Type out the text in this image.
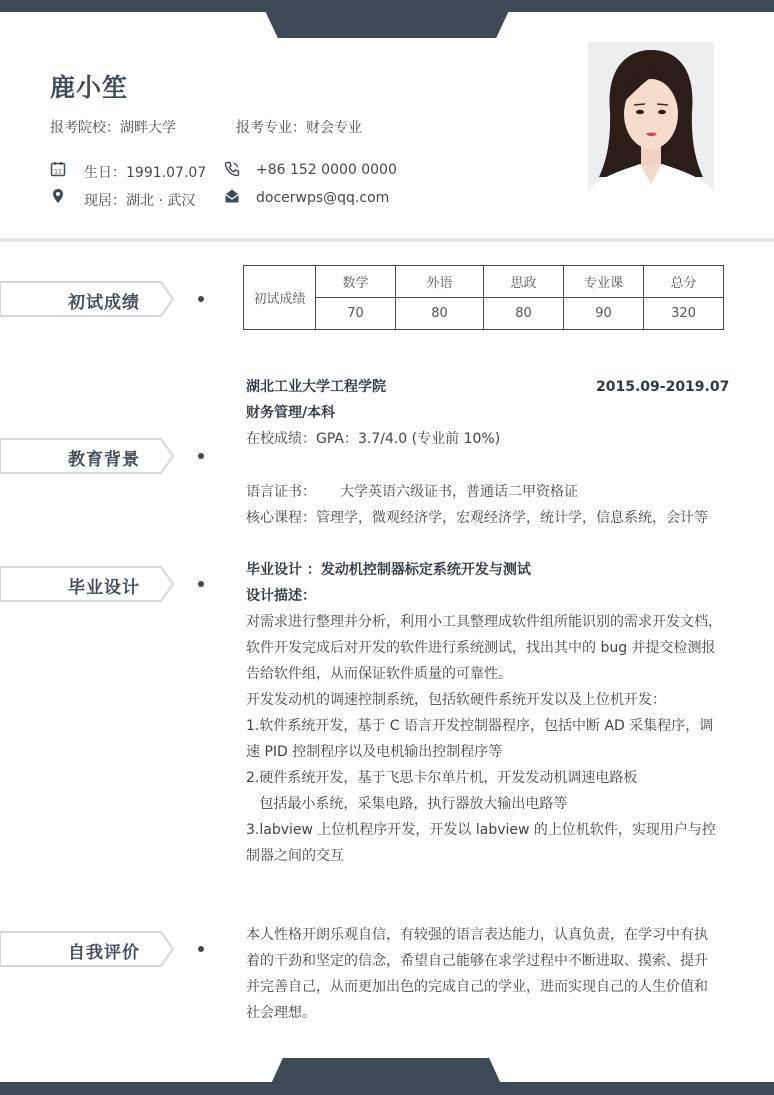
鹿小笙
报考院校：湖畔大学	报考专业：财会专业
11 生日：1991.07.07	+86 152 0000 0000
现居：湖北 · 武汉	docerwps@qq.com
初试成绩	初试成绩	数学	外语	思政	专业课	总分
	70	80	80	90	320
教育背景
湖北工业大学工程学院	2015.09-2019.07
财务管理/本科
在校成绩：GPA：3.7/4.0 (专业前 10%)
语言证书： 大学英语六级证书，普通话二甲资格证
核心课程：管理学，微观经济学，宏观经济学，统计学，信息系统，会计等
毕业设计
毕业设计 ：发动机控制器标定系统开发与测试
设计描述：
对需求进行整理并分析，利用小工具整理成软件组所能识别的需求开发文档，
软件开发完成后对开发的软件进行系统测试，找出其中的 bug 并提交检测报
告给软件组，从而保证软件质量的可靠性。
开发发动机的调速控制系统，包括软硬件系统开发以及上位机开发：
1.软件系统开发，基于 C 语言开发控制器程序，包括中断 AD 采集程序，调
速 PID 控制程序以及电机输出控制程序等
2.硬件系统开发，基于飞思卡尔单片机，开发发动机调速电路板
包括最小系统，采集电路，执行器放大输出电路等
3.labview 上位机程序开发，开发以 labview 的上位机软件，实现用户与控
制器之间的交互
自我评价
本人性格开朗乐观自信，有较强的语言表达能力，认真负责，在学习中有执
着的干劲和坚定的信念，希望自己能够在求学过程中不断进取、摸索、提升
并完善自己，从而更加出色的完成自己的学业，进而实现自己的人生价值和
社会理想。
